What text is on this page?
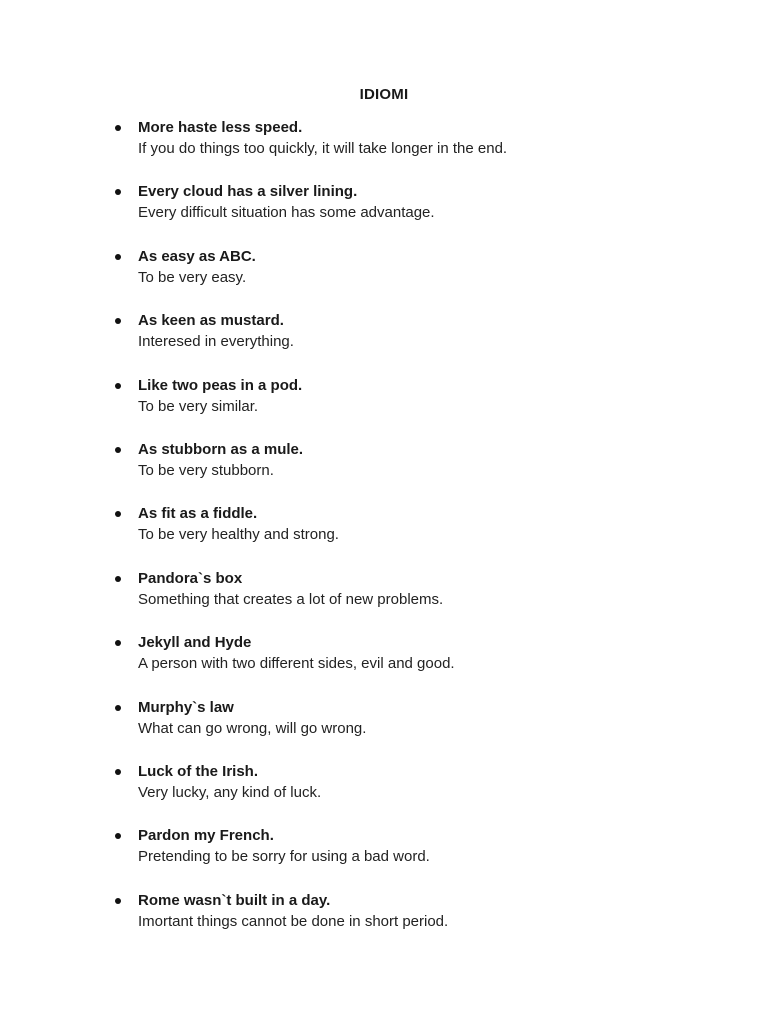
IDIOMI
More haste less speed.
If you do things too quickly, it will take longer in the end.
Every cloud has a silver lining.
Every difficult situation has some advantage.
As easy as ABC.
To be very easy.
As keen as mustard.
Interesed in everything.
Like two peas in a pod.
To be very similar.
As stubborn as a mule.
To be very stubborn.
As fit as a fiddle.
To be very healthy and strong.
Pandora`s box
Something that creates a lot of new problems.
Jekyll and Hyde
A person with two different sides, evil and good.
Murphy`s law
What can go wrong, will go wrong.
Luck of the Irish.
Very lucky, any kind of luck.
Pardon my French.
Pretending to be sorry for using a bad word.
Rome wasn`t built in a day.
Imortant things cannot be done in short period.
